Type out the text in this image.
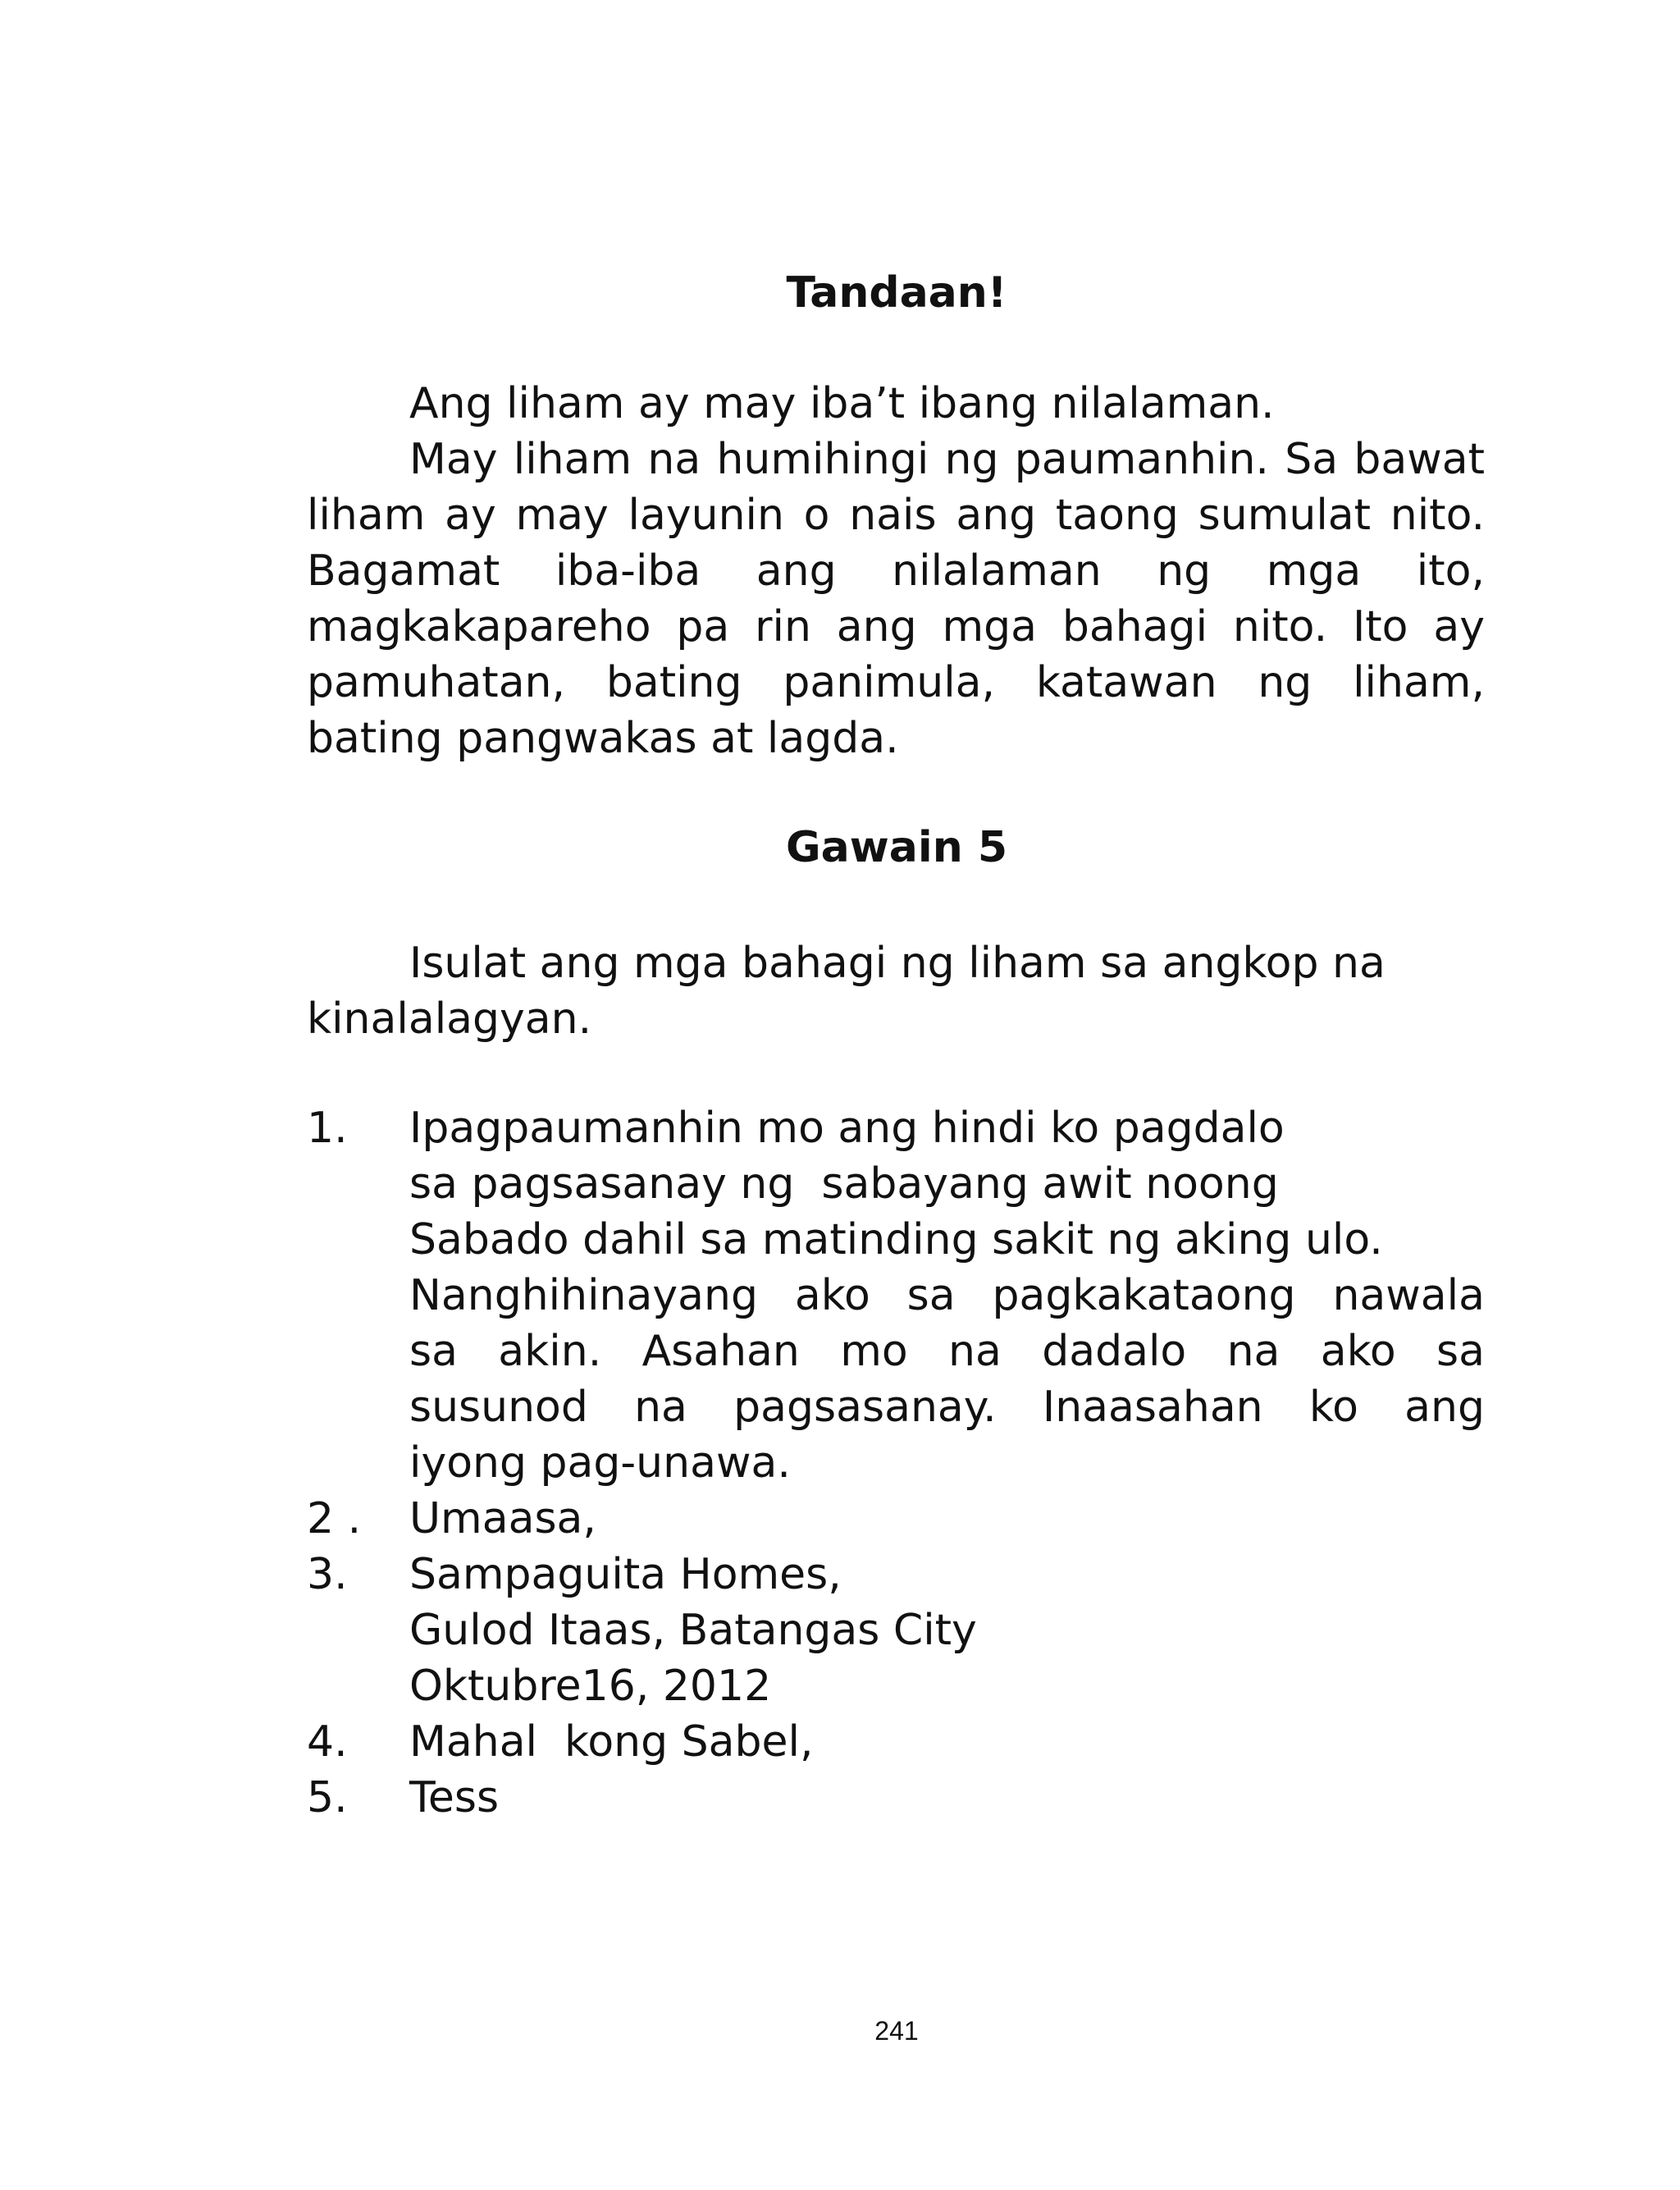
Tandaan!

Ang liham ay may iba’t ibang nilalaman.

May liham na humihingi ng paumanhin. Sa bawat liham ay may layunin o nais ang taong sumulat nito. Bagamat iba-iba ang nilalaman ng mga ito, magkakapareho pa rin ang mga bahagi nito. Ito ay pamuhatan, bating panimula, katawan ng liham, bating pangwakas at lagda.

Gawain 5

Isulat ang mga bahagi ng liham sa angkop na kinalalagyan.

1.	Ipagpaumanhin mo ang hindi ko pagdalo
sa pagsasanay ng  sabayang awit noong
Sabado dahil sa matinding sakit ng aking ulo.
Nanghihinayang ako sa pagkakataong nawala
sa akin. Asahan mo na dadalo na ako sa
susunod na pagsasanay. Inaasahan ko ang
iyong pag-unawa.
2 .	Umaasa,
3.	Sampaguita Homes,
Gulod Itaas, Batangas City
Oktubre16, 2012
4.	Mahal  kong Sabel,
5.	Tess
241
